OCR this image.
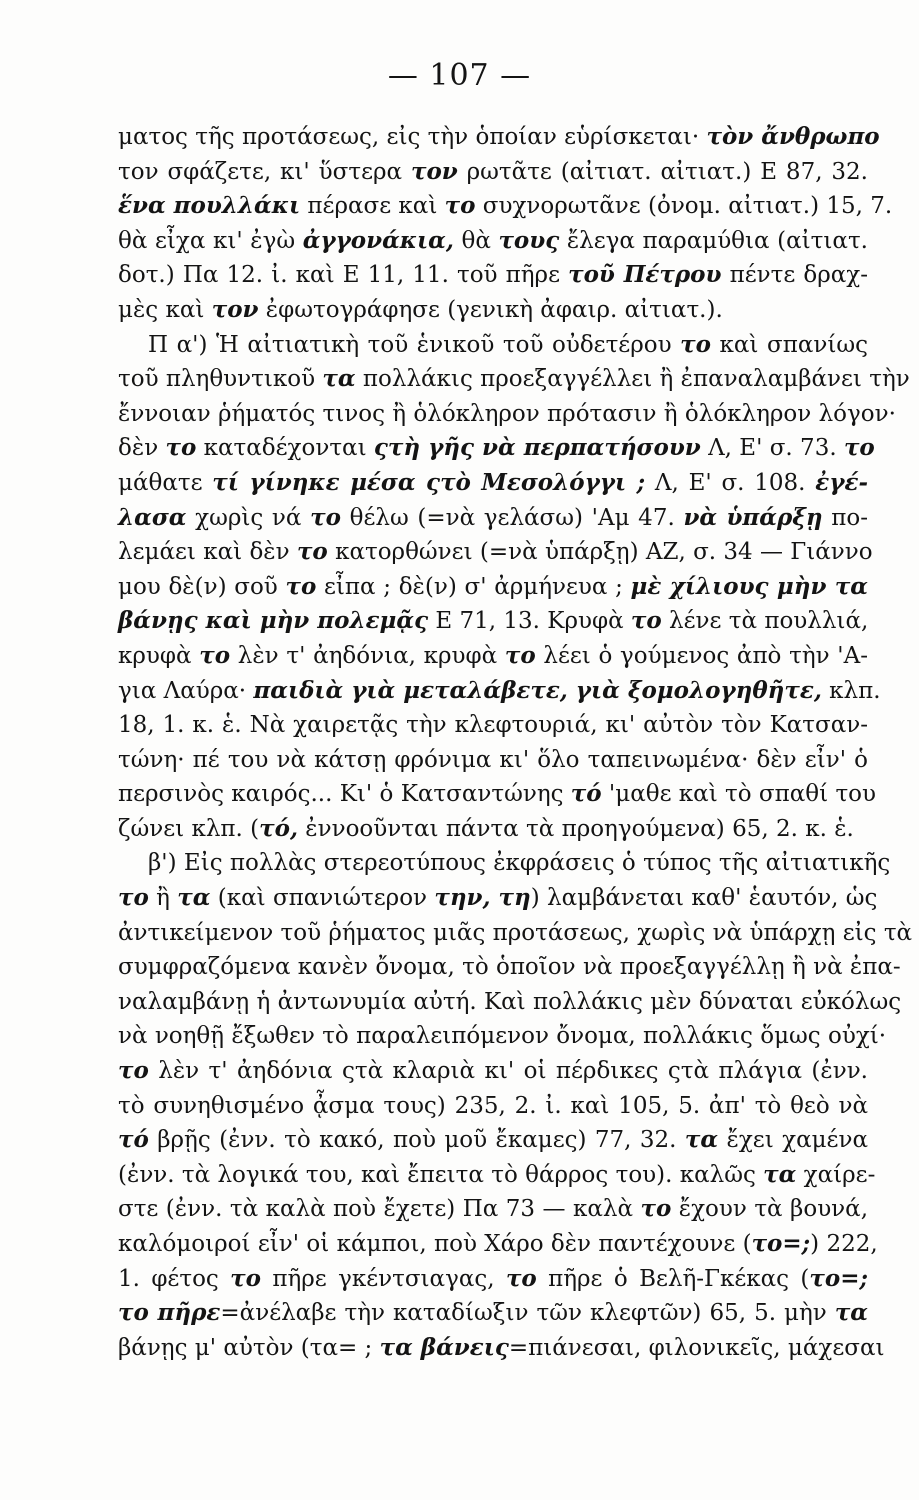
— 107 —
ματος τῆς προτάσεως, εἰς τὴν ὁποίαν εὑρίσκεται· τὸν ἄνθρωπο
τον σφάζετε, κι' ὕστερα τον ρωτᾶτε (αἰτιατ. αἰτιατ.) Ε 87, 32.
ἕνα πουλλάκι πέρασε καὶ το συχνορωτᾶνε (ὀνομ. αἰτιατ.) 15, 7.
θὰ εἶχα κι' ἐγὼ ἀγγονάκια, θὰ τους ἔλεγα παραμύθια (αἰτιατ.
δοτ.) Πα 12. ἰ. καὶ Ε 11, 11. τοῦ πῆρε τοῦ Πέτρου πέντε δραχ-
μὲς καὶ τον ἐφωτογράφησε (γενικὴ ἀφαιρ. αἰτιατ.).
Π α') Ἡ αἰτιατικὴ τοῦ ἑνικοῦ τοῦ οὐδετέρου το καὶ σπανίως
τοῦ πληθυντικοῦ τα πολλάκις προεξαγγέλλει ἢ ἐπαναλαμβάνει τὴν
ἔννοιαν ῥήματός τινος ἢ ὁλόκληρον πρότασιν ἢ ὁλόκληρον λόγον·
δὲν το καταδέχονται ςτὴ γῆς νὰ περπατήσουν Λ, Ε' σ. 73. το
μάθατε τί γίνηκε μέσα ςτὸ Μεσολόγγι ; Λ, Ε' σ. 108. ἐγέ-
λασα χωρὶς νά το θέλω (=νὰ γελάσω) 'Αμ 47. νὰ ὑπάρξῃ πο-
λεμάει καὶ δὲν το κατορθώνει (=νὰ ὑπάρξῃ) ΑΖ, σ. 34 — Γιάννο
μου δὲ(ν) σοῦ το εἶπα ; δὲ(ν) σ' ἀρμήνευα ; μὲ χίλιους μὴν τα
βάνῃς καὶ μὴν πολεμᾷς Ε 71, 13. Κρυφὰ το λένε τὰ πουλλιά,
κρυφὰ το λὲν τ' ἀηδόνια, κρυφὰ το λέει ὁ γούμενος ἀπὸ τὴν 'Α-
για Λαύρα· παιδιὰ γιὰ μεταλάβετε, γιὰ ξομολογηθῆτε, κλπ.
18, 1. κ. ἑ. Νὰ χαιρετᾷς τὴν κλεφτουριά, κι' αὐτὸν τὸν Κατσαν-
τώνη· πέ του νὰ κάτσῃ φρόνιμα κι' ὅλο ταπεινωμένα· δὲν εἶν' ὁ
περσινὸς καιρός... Κι' ὁ Κατσαντώνης τό 'μαθε καὶ τὸ σπαθί του
ζώνει κλπ. (τό, ἐννοοῦνται πάντα τὰ προηγούμενα) 65, 2. κ. ἑ.
β') Εἰς πολλὰς στερεοτύπους ἐκφράσεις ὁ τύπος τῆς αἰτιατικῆς
το ἢ τα (καὶ σπανιώτερον την, τη) λαμβάνεται καθ' ἑαυτόν, ὡς
ἀντικείμενον τοῦ ῥήματος μιᾶς προτάσεως, χωρὶς νὰ ὑπάρχῃ εἰς τὰ
συμφραζόμενα κανὲν ὄνομα, τὸ ὁποῖον νὰ προεξαγγέλλῃ ἢ νὰ ἐπα-
ναλαμβάνῃ ἡ ἀντωνυμία αὐτή. Καὶ πολλάκις μὲν δύναται εὐκόλως
νὰ νοηθῇ ἔξωθεν τὸ παραλειπόμενον ὄνομα, πολλάκις ὅμως οὐχί·
το λὲν τ' ἀηδόνια ςτὰ κλαριὰ κι' οἱ πέρδικες ςτὰ πλάγια (ἐνν.
τὸ συνηθισμένο ᾆσμα τους) 235, 2. ἰ. καὶ 105, 5. ἀπ' τὸ θεὸ νὰ
τό βρῇς (ἐνν. τὸ κακό, ποὺ μοῦ ἔκαμες) 77, 32. τα ἔχει χαμένα
(ἐνν. τὰ λογικά του, καὶ ἔπειτα τὸ θάρρος του). καλῶς τα χαίρε-
στε (ἐνν. τὰ καλὰ ποὺ ἔχετε) Πα 73 — καλὰ το ἔχουν τὰ βουνά,
καλόμοιροί εἶν' οἱ κάμποι, ποὺ Χάρο δὲν παντέχουνε (το=;) 222,
1. φέτος το πῆρε γκέντσιαγας, το πῆρε ὁ Βελῆ-Γκέκας (το=;
το πῆρε=ἀνέλαβε τὴν καταδίωξιν τῶν κλεφτῶν) 65, 5. μὴν τα
βάνῃς μ' αὐτὸν (τα= ; τα βάνεις=πιάνεσαι, φιλονικεῖς, μάχεσαι
